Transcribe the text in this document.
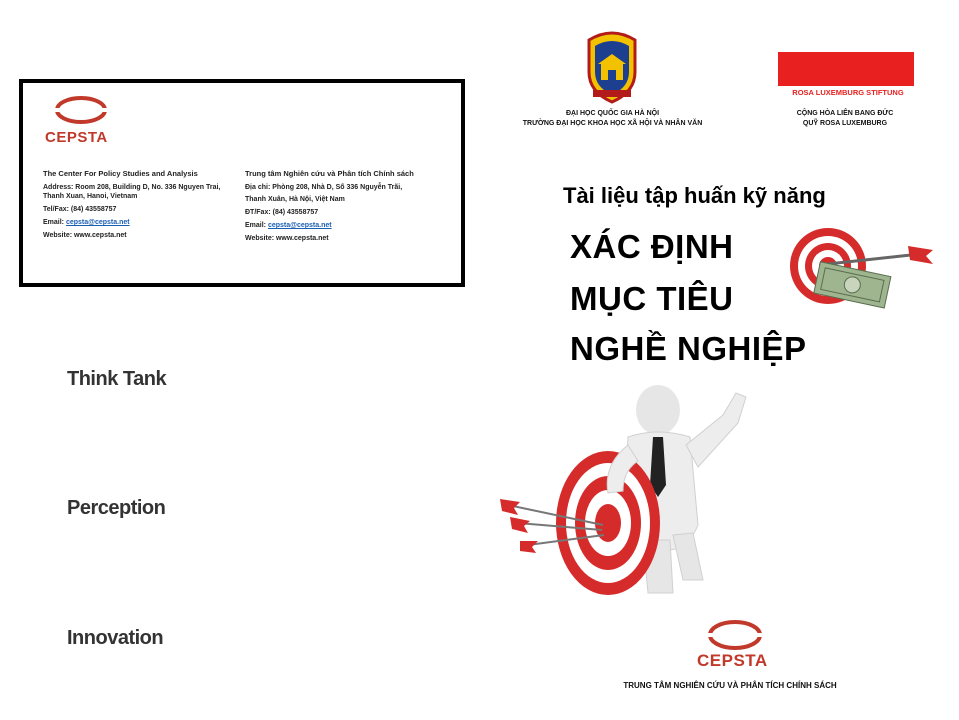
CEPSTA
The Center For Policy Studies and Analysis
Address: Room 208, Building D, No. 336 Nguyen Trai, Thanh Xuan, Hanoi, Vietnam
Tel/Fax: (84) 43558757
Email: cepsta@cepsta.net
Website: www.cepsta.net
Trung tâm Nghiên cứu và Phân tích Chính sách
Địa chỉ: Phòng 208, Nhà D, Số 336 Nguyễn Trãi,
Thanh Xuân, Hà Nội, Việt Nam
ĐT/Fax: (84) 43558757
Email: cepsta@cepsta.net
Website: www.cepsta.net
ĐẠI HỌC QUỐC GIA HÀ NỘI
TRƯỜNG ĐẠI HỌC KHOA HỌC XÃ HỘI VÀ NHÂN VĂN
ROSA LUXEMBURG STIFTUNG
CỘNG HÒA LIÊN BANG ĐỨC
QUỸ ROSA LUXEMBURG
Tài liệu tập huấn kỹ năng
XÁC ĐỊNH
MỤC TIÊU
NGHỀ NGHIỆP
Think Tank
Perception
Innovation
CEPSTA
TRUNG TÂM NGHIÊN CỨU VÀ PHÂN TÍCH CHÍNH SÁCH
